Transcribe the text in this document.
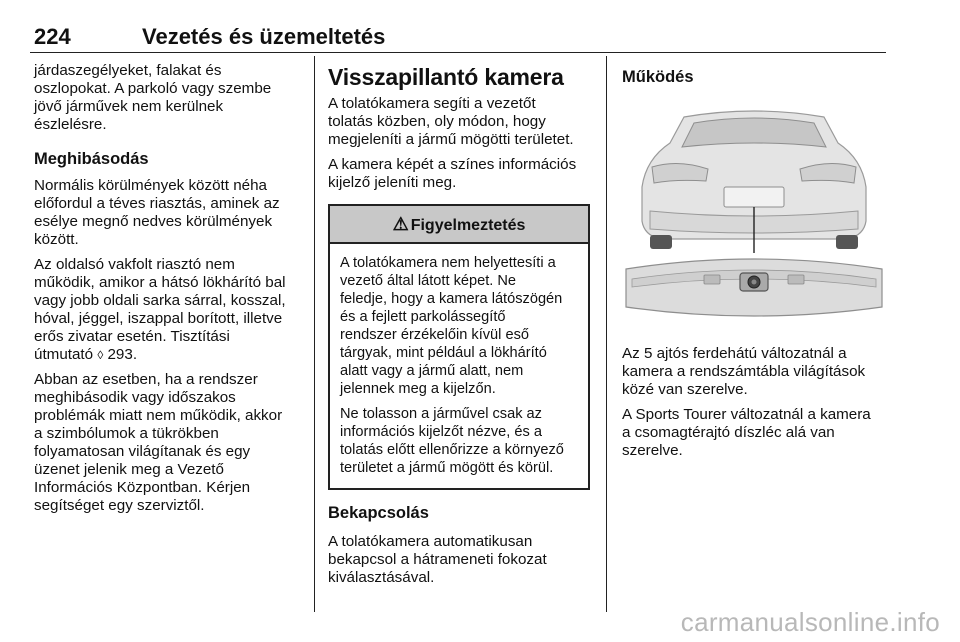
224	Vezetés és üzemeltetés
járdaszegélyeket, falakat és
oszlopokat. A parkoló vagy szembe
jövő járművek nem kerülnek
észlelésre.
Meghibásodás
Normális körülmények között néha
előfordul a téves riasztás, aminek az
esélye megnő nedves körülmények
között.
Az oldalsó vakfolt riasztó nem
működik, amikor a hátsó lökhárító bal
vagy jobb oldali sarka sárral, kosszal,
hóval, jéggel, iszappal borított, illetve
erős zivatar esetén. Tisztítási
útmutató ◊ 293.
Abban az esetben, ha a rendszer
meghibásodik vagy időszakos
problémák miatt nem működik, akkor
a szimbólumok a tükrökben
folyamatosan világítanak és egy
üzenet jelenik meg a Vezető
Információs Központban. Kérjen
segítséget egy szerviztől.
Visszapillantó kamera
A tolatókamera segíti a vezetőt
tolatás közben, oly módon, hogy
megjeleníti a jármű mögötti területet.
A kamera képét a színes információs
kijelző jeleníti meg.
⚠ Figyelmeztetés
A tolatókamera nem helyettesíti a
vezető által látott képet. Ne
feledje, hogy a kamera látószögén
és a fejlett parkolássegítő
rendszer érzékelőin kívül eső
tárgyak, mint például a lökhárító
alatt vagy a jármű alatt, nem
jelennek meg a kijelzőn.
Ne tolasson a járművel csak az
információs kijelzőt nézve, és a
tolatás előtt ellenőrizze a környező
területet a jármű mögött és körül.
Bekapcsolás
A tolatókamera automatikusan
bekapcsol a hátrameneti fokozat
kiválasztásával.
Működés
Az 5 ajtós ferdehátú változatnál a
kamera a rendszámtábla világítások
közé van szerelve.
A Sports Tourer változatnál a kamera
a csomagtérajtó díszléc alá van
szerelve.
carmanualsonline.info
